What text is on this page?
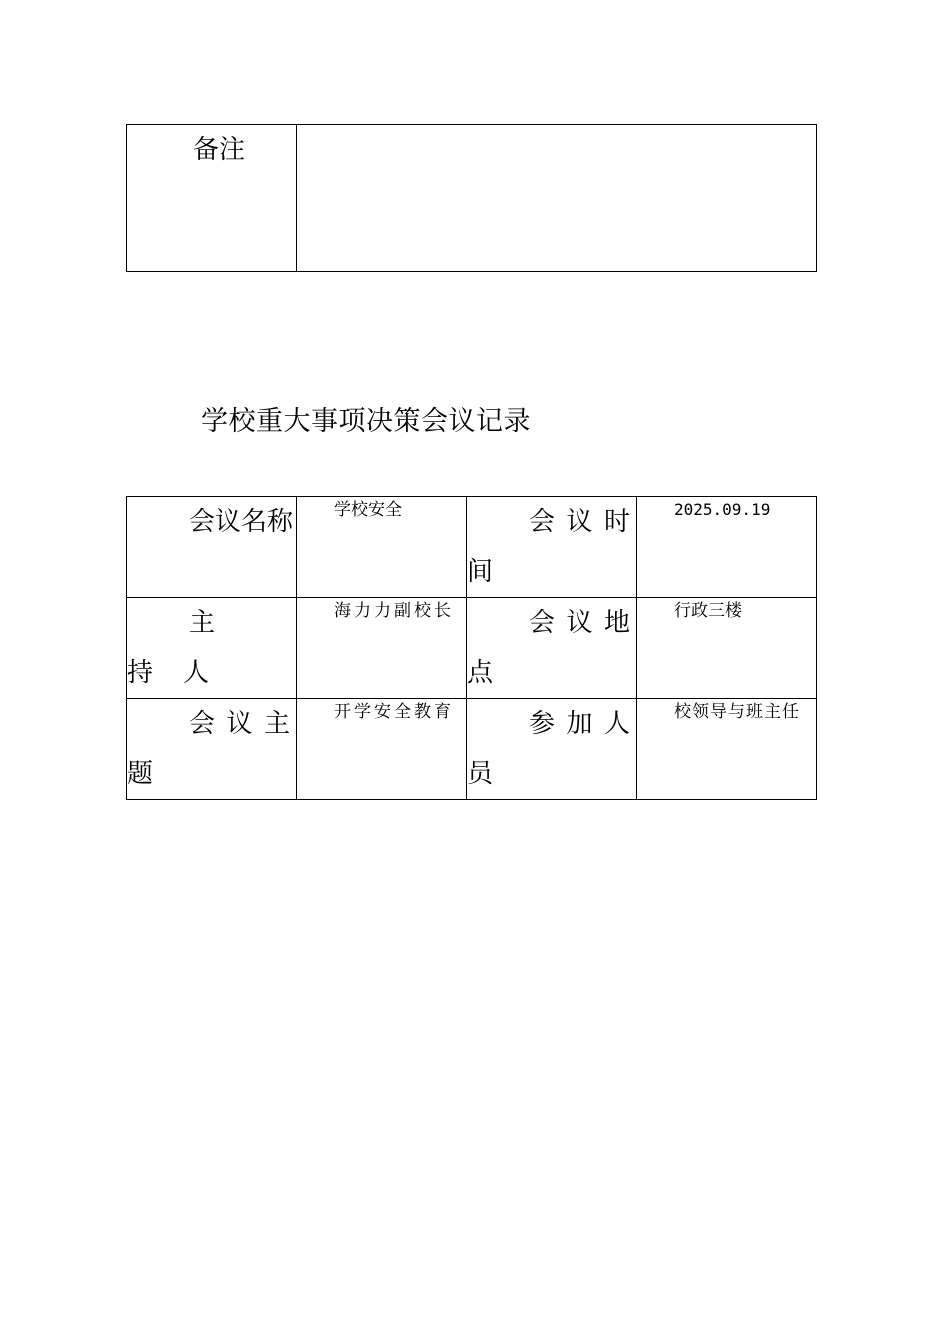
备注	
学校重大事项决策会议记录
会议名称	学校安全	会议时间	2025.09.19
主持人	海力力副校长	会议地点	行政三楼
会议主题	开学安全教育	参加人员	校领导与班主任
